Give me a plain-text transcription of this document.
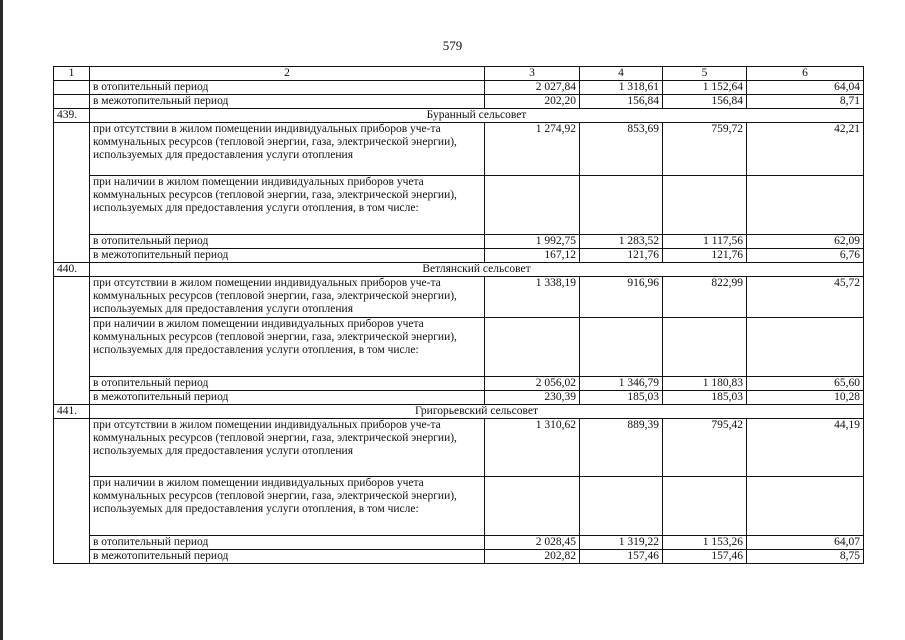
579
1	2	3	4	5	6
	в отопительный период	2 027,84	1 318,61	1 152,64	64,04
	в межотопительный период	202,20	156,84	156,84	8,71
439.	Буранный сельсовет				
	при отсутствии в жилом помещении индивидуальных приборов уче-та коммунальных ресурсов (тепловой энергии, газа, электрической энергии), используемых для предоставления услуги отопления	1 274,92	853,69	759,72	42,21
	при наличии в жилом помещении индивидуальных приборов учета коммунальных ресурсов (тепловой энергии, газа, электрической энергии), используемых для предоставления услуги отопления, в том числе:				
	в отопительный период	1 992,75	1 283,52	1 117,56	62,09
	в межотопительный период	167,12	121,76	121,76	6,76
440.	Ветлянский сельсовет				
	при отсутствии в жилом помещении индивидуальных приборов уче-та коммунальных ресурсов (тепловой энергии, газа, электрической энергии), используемых для предоставления услуги отопления	1 338,19	916,96	822,99	45,72
	при наличии в жилом помещении индивидуальных приборов учета коммунальных ресурсов (тепловой энергии, газа, электрической энергии), используемых для предоставления услуги отопления, в том числе:				
	в отопительный период	2 056,02	1 346,79	1 180,83	65,60
	в межотопительный период	230,39	185,03	185,03	10,28
441.	Григорьевский сельсовет				
	при отсутствии в жилом помещении индивидуальных приборов уче-та коммунальных ресурсов (тепловой энергии, газа, электрической энергии), используемых для предоставления услуги отопления	1 310,62	889,39	795,42	44,19
	при наличии в жилом помещении индивидуальных приборов учета коммунальных ресурсов (тепловой энергии, газа, электрической энергии), используемых для предоставления услуги отопления, в том числе:				
	в отопительный период	2 028,45	1 319,22	1 153,26	64,07
	в межотопительный период	202,82	157,46	157,46	8,75
